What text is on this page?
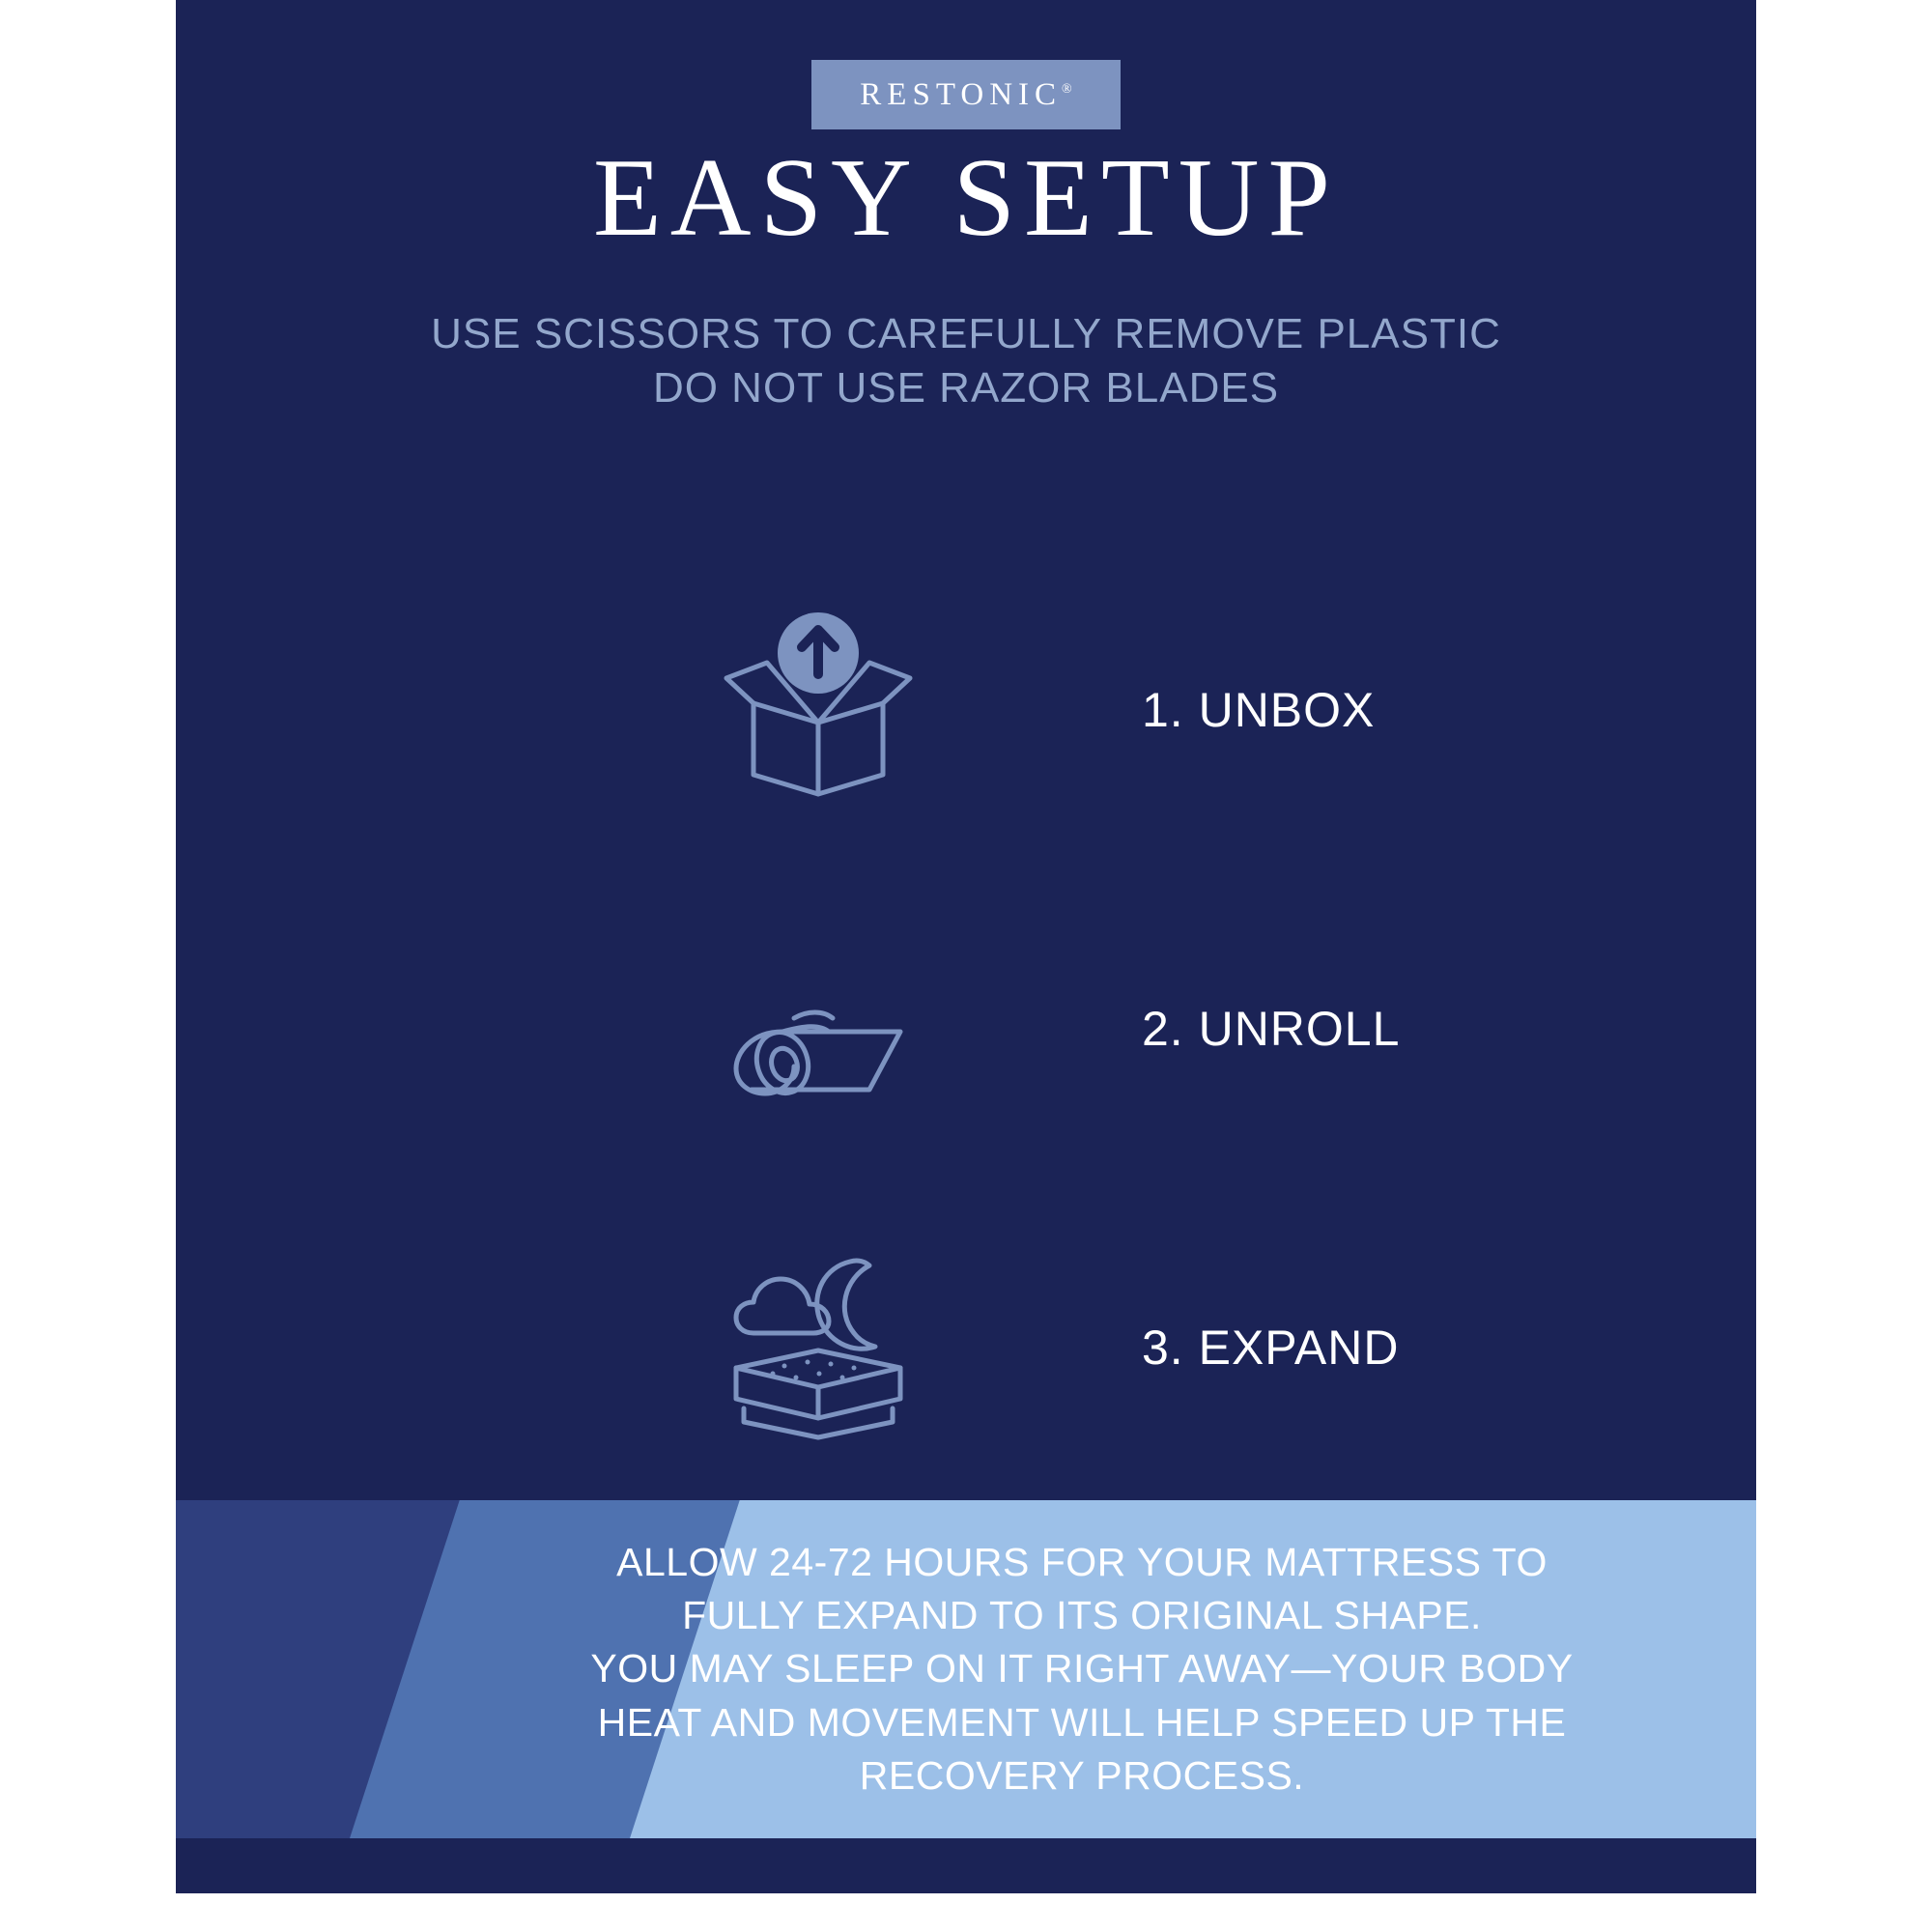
RESTONIC®
EASY SETUP
USE SCISSORS TO CAREFULLY REMOVE PLASTIC
DO NOT USE RAZOR BLADES
1. UNBOX
2. UNROLL
3. EXPAND
ALLOW 24-72 HOURS FOR YOUR MATTRESS TO
FULLY EXPAND TO ITS ORIGINAL SHAPE.
YOU MAY SLEEP ON IT RIGHT AWAY—YOUR BODY
HEAT AND MOVEMENT WILL HELP SPEED UP THE
RECOVERY PROCESS.
